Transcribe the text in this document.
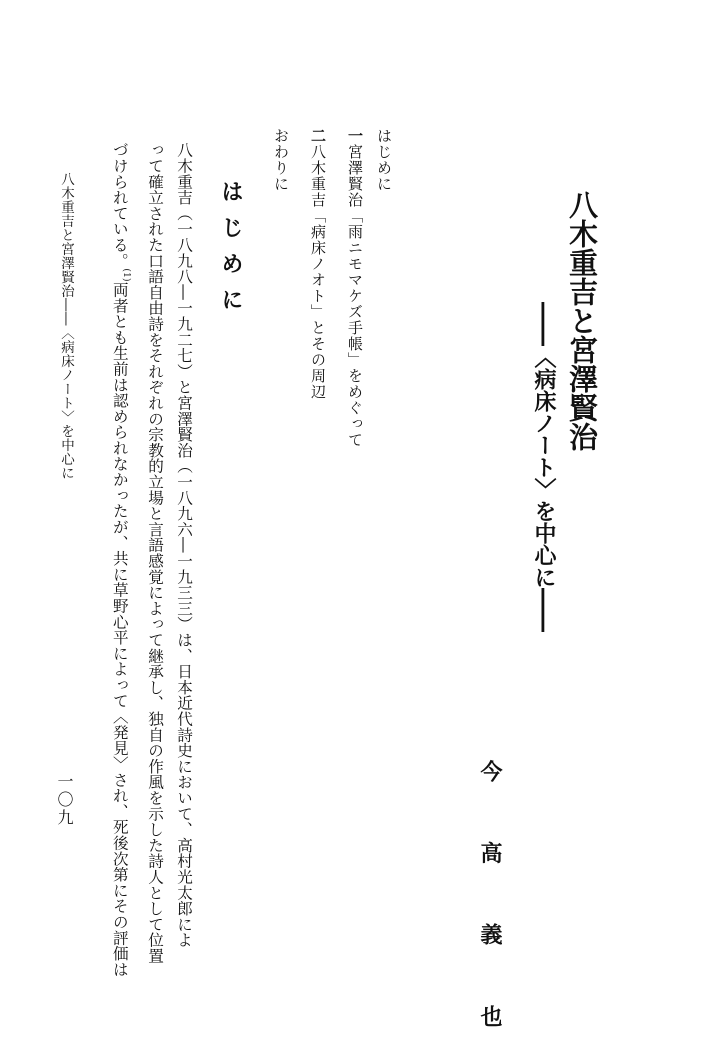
八木重吉と宮澤賢治
――〈病床ノート〉を中心に――
今 高 義 也
はじめに
一宮澤賢治「雨ニモマケズ手帳」をめぐって
二八木重吉「病床ノオト」とその周辺
おわりに
はじめに
八木重吉（一八九八―一九二七）と宮澤賢治（一八九六―一九三三）は、日本近代詩史において、高村光太郎によ
って確立された口語自由詩をそれぞれの宗教的立場と言語感覚によって継承し、独自の作風を示した詩人として位置
づけられている。$^{(1)}$両者とも生前は認められなかったが、共に草野心平によって〈発見〉され、死後次第にその評価は
八木重吉と宮澤賢治――〈病床ノート〉を中心に
一〇九
